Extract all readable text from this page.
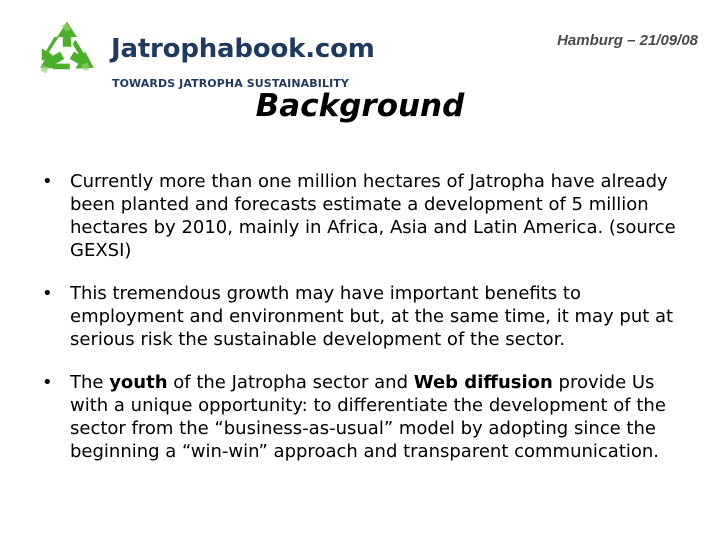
Jatrophabook.com
TOWARDS JATROPHA SUSTAINABILITY
Hamburg – 21/09/08
Background
• Currently more than one million hectares of Jatropha have already been planted and forecasts estimate a development of 5 million hectares by 2010, mainly in Africa, Asia and Latin America. (source GEXSI)
• This tremendous growth may have important benefits to employment and environment but, at the same time, it may put at serious risk the sustainable development of the sector.
• The youth of the Jatropha sector and Web diffusion provide Us with a unique opportunity: to differentiate the development of the sector from the “business-as-usual” model by adopting since the beginning a “win-win” approach and transparent communication.
